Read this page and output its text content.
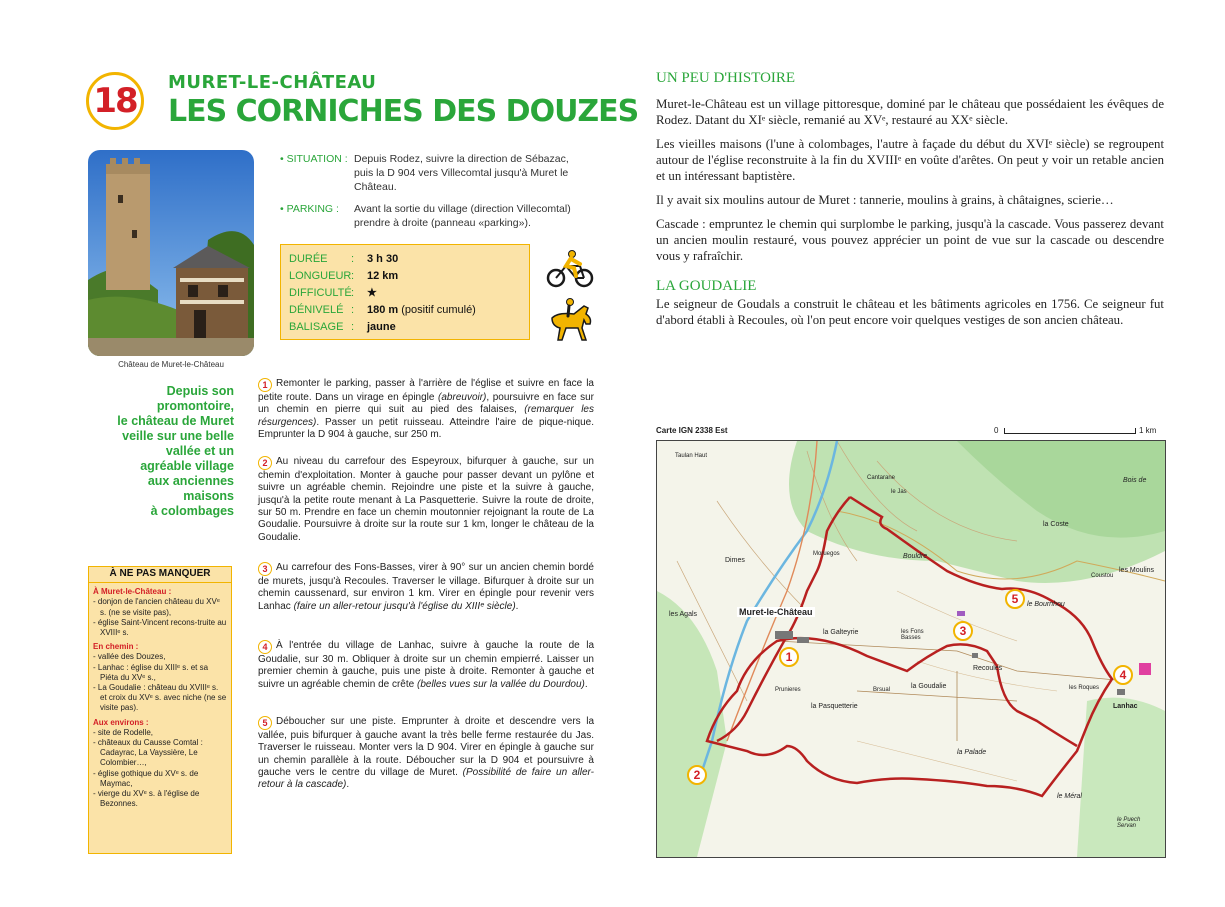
18	MURET-LE-CHÂTEAU
LES CORNICHES DES DOUZES
Château de Muret-le-Château
• SITUATION : Depuis Rodez, suivre la direction de Sébazac,
puis la D 904 vers Villecomtal jusqu'à Muret le
Château.
• PARKING : Avant la sortie du village (direction Villecomtal)
prendre à droite (panneau «parking»).
DURÉE : 3 h 30
LONGUEUR: 12 km
DIFFICULTÉ: ★
DÉNIVELÉ : 180 m (positif cumulé)
BALISAGE : jaune
Depuis son
promontoire,
le château de Muret
veille sur une belle
vallée et un
agréable village
aux anciennes
maisons
à colombages
À NE PAS MANQUER
À Muret-le-Château :
- donjon de l'ancien château du XVᵉ s. (ne se visite pas),
- église Saint-Vincent recons-truite au XVIIIᵉ s.
En chemin :
- vallée des Douzes,
- Lanhac : église du XIIIᵉ s. et sa Piéta du XVᵉ s.,
- La Goudalie : château du XVIIIᵉ s. et croix du XVᵉ s. avec niche (ne se visite pas).
Aux environs :
- site de Rodelle,
- châteaux du Causse Comtal : Cadayrac, La Vayssière, Le Colombier…,
- église gothique du XVᵉ s. de Maymac,
- vierge du XVᵉ s. à l'église de Bezonnes.
1 Remonter le parking, passer à l'arrière de l'église et suivre en face la petite route. Dans un virage en épingle (abreuvoir), poursuivre en face sur un chemin en pierre qui suit au pied des falaises, (remarquer les résurgences). Passer un petit ruisseau. Atteindre l'aire de pique-nique. Emprunter la D 904 à gauche, sur 250 m.
2 Au niveau du carrefour des Espeyroux, bifurquer à gauche, sur un chemin d'exploitation. Monter à gauche pour passer devant un pylône et suivre un agréable chemin. Rejoindre une piste et la suivre à gauche, jusqu'à la petite route menant à La Pasquetterie. Suivre la route de droite, sur 50 m. Prendre en face un chemin moutonnier rejoignant la route de La Goudalie. Poursuivre à droite sur la route sur 1 km, longer le château de la Goudalie.
3 Au carrefour des Fons-Basses, virer à 90° sur un ancien chemin bordé de murets, jusqu'à Recoules. Traverser le village. Bifurquer à droite sur un chemin caussenard, sur environ 1 km. Virer en épingle pour revenir vers Lanhac (faire un aller-retour jusqu'à l'église du XIIIᵉ siècle).
4 À l'entrée du village de Lanhac, suivre à gauche la route de la Goudalie, sur 30 m. Obliquer à droite sur un chemin empierré. Laisser un premier chemin à gauche, puis une piste à droite. Remonter à gauche et suivre un agréable chemin de crête (belles vues sur la vallée du Dourdou).
5 Déboucher sur une piste. Emprunter à droite et descendre vers la vallée, puis bifurquer à gauche avant la très belle ferme restaurée du Jas. Traverser le ruisseau. Monter vers la D 904. Virer en épingle à gauche sur un chemin parallèle à la route. Déboucher sur la D 904 et poursuivre à gauche vers le centre du village de Muret. (Possibilité de faire un aller-retour à la cascade).
UN PEU D'HISTOIRE
Muret-le-Château est un village pittoresque, dominé par le château que possédaient les évêques de Rodez. Datant du XIᵉ siècle, remanié au XVᵉ, restauré au XXᵉ siècle.
Les vieilles maisons (l'une à colombages, l'autre à façade du début du XVIᵉ siècle) se regroupent autour de l'église reconstruite à la fin du XVIIIᵉ en voûte d'arêtes. On peut y voir un retable ancien et un intéressant baptistère.
Il y avait six moulins autour de Muret : tannerie, moulins à grains, à châtaignes, scierie…
Cascade : empruntez le chemin qui surplombe le parking, jusqu'à la cascade. Vous passerez devant un ancien moulin restauré, vous pouvez apprécier un point de vue sur la cascade ou descendre vous y rafraîchir.
LA GOUDALIE
Le seigneur de Goudals a construit le château et les bâtiments agricoles en 1756. Ce seigneur fut d'abord établi à Recoules, où l'on peut encore voir quelques vestiges de son ancien château.
Carte IGN 2338 Est	0	1 km
Muret-le-Château
Lanhac
Recoules
la Goudalie
la Pasquetterie
la Galteyrie
Bouldre
Dimes
les Agals
les Fons Basses
le Bournhou
la Palade
le Méral
le Puech Servan
la Coste
les Moulins
les Roques
Prunieres	Brsual
Moruegos
Cantarane
le Jas
Bois de
Coustou
Taulan Haut
1
2
3
4
5
